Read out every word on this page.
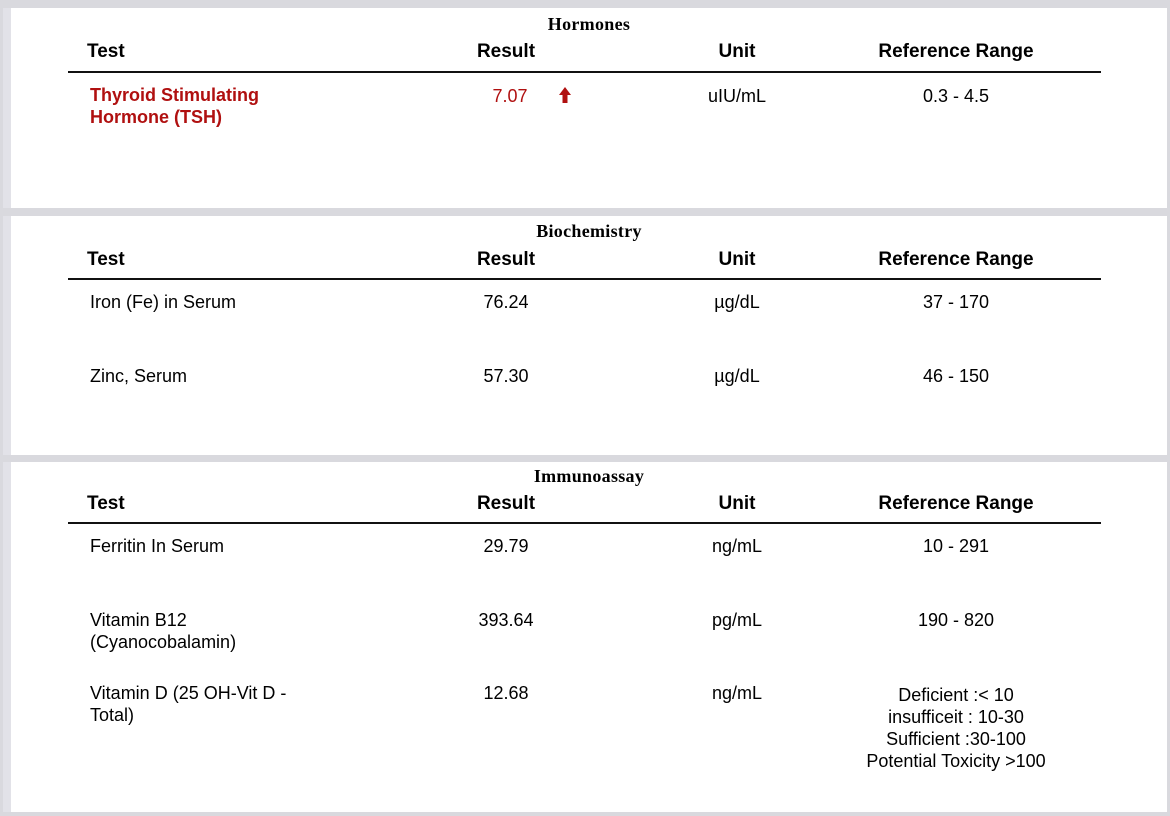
Hormones
Test	Result	Unit	Reference Range
Thyroid Stimulating
Hormone (TSH)
7.07	uIU/mL	0.3 - 4.5
Biochemistry
Test	Result	Unit	Reference Range
Iron (Fe) in Serum	76.24	µg/dL	37 - 170
Zinc, Serum	57.30	µg/dL	46 - 150
Immunoassay
Test	Result	Unit	Reference Range
Ferritin In Serum	29.79	ng/mL	10 - 291
Vitamin B12
(Cyanocobalamin)
393.64	pg/mL	190 - 820
Vitamin D (25 OH-Vit D -
Total)
12.68	ng/mL	Deficient :< 10
insufficeit : 10-30
Sufficient :30-100
Potential Toxicity >100
